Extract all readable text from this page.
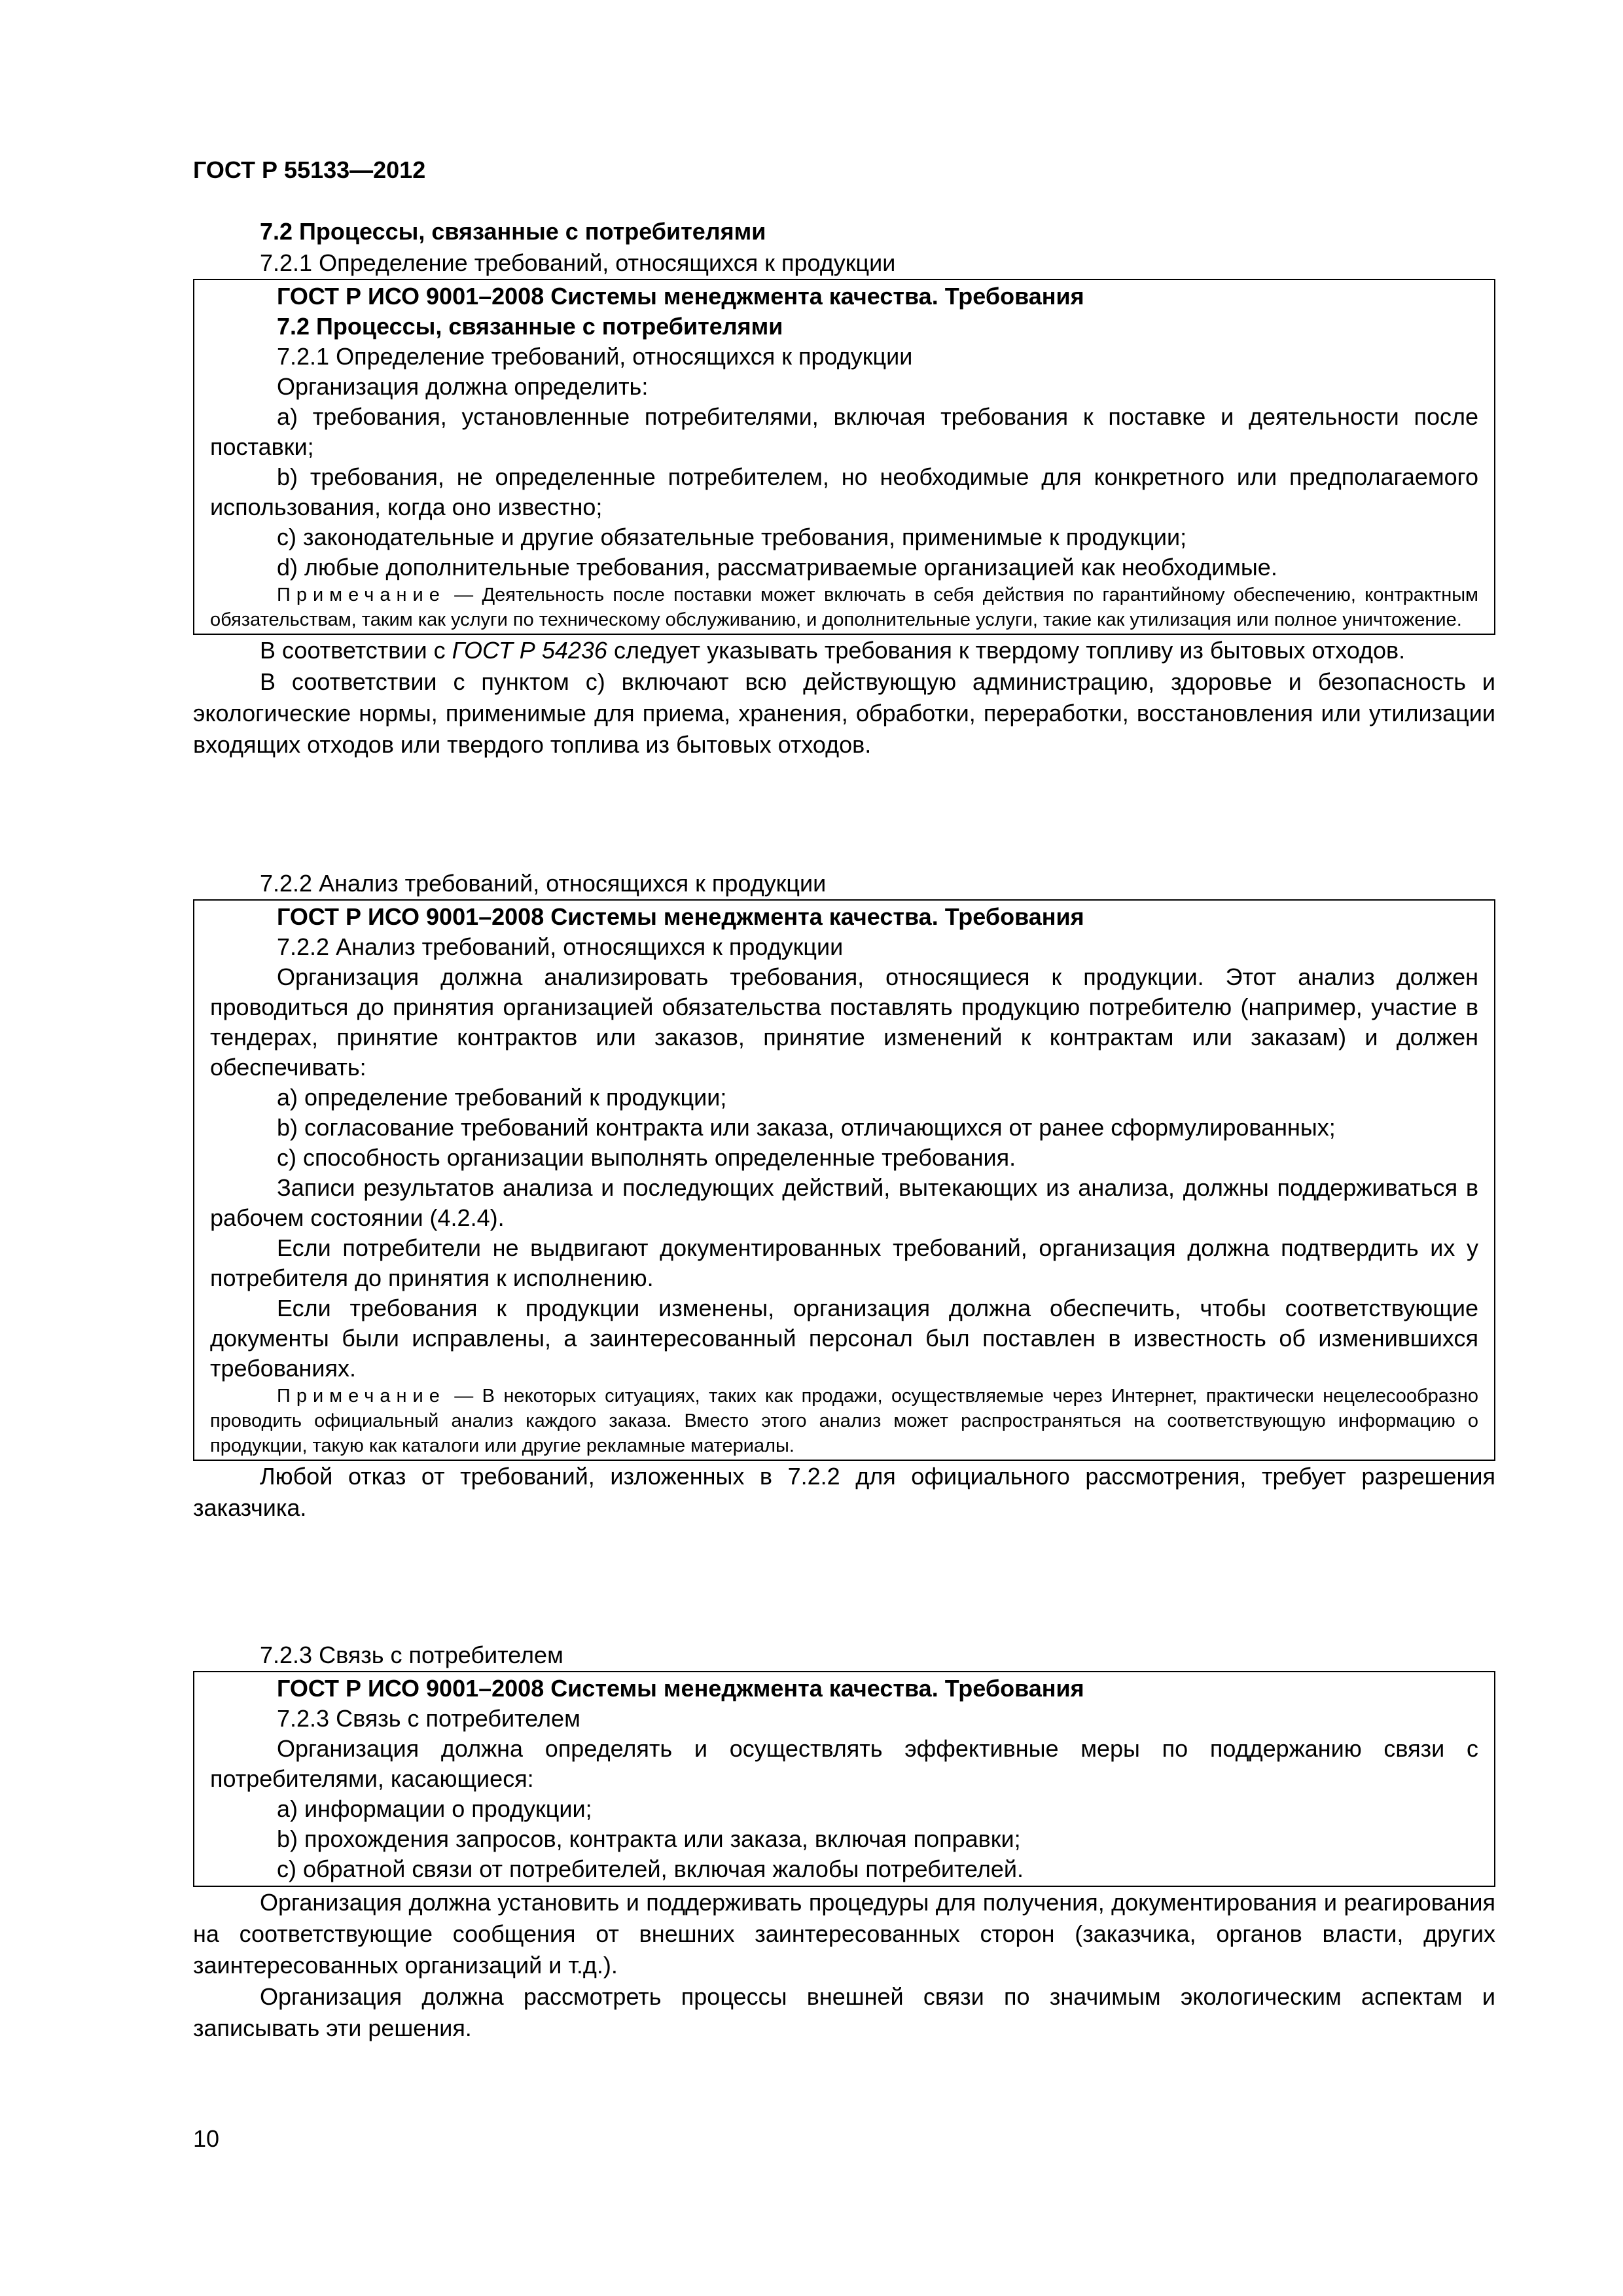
ГОСТ Р 55133—2012

7.2 Процессы, связанные с потребителями

7.2.1 Определение требований, относящихся к продукции

ГОСТ Р ИСО 9001–2008 Системы менеджмента качества. Требования

7.2 Процессы, связанные с потребителями

7.2.1 Определение требований, относящихся к продукции

Организация должна определить:

a) требования, установленные потребителями, включая требования к поставке и деятельности после поставки;

b) требования, не определенные потребителем, но необходимые для конкретного или предполагаемого использования, когда оно известно;

c) законодательные и другие обязательные требования, применимые к продукции;

d) любые дополнительные требования, рассматриваемые организацией как необходимые.

Примечание — Деятельность после поставки может включать в себя действия по гарантийному обеспечению, контрактным обязательствам, таким как услуги по техническому обслуживанию, и дополнительные услуги, такие как утилизация или полное уничтожение.

В соответствии с ГОСТ Р 54236 следует указывать требования к твердому топливу из бытовых отходов.

В соответствии с пунктом c) включают всю действующую администрацию, здоровье и безопасность и экологические нормы, применимые для приема, хранения, обработки, переработки, восстановления или утилизации входящих отходов или твердого топлива из бытовых отходов.

7.2.2 Анализ требований, относящихся к продукции

ГОСТ Р ИСО 9001–2008 Системы менеджмента качества. Требования

7.2.2 Анализ требований, относящихся к продукции

Организация должна анализировать требования, относящиеся к продукции. Этот анализ должен проводиться до принятия организацией обязательства поставлять продукцию потребителю (например, участие в тендерах, принятие контрактов или заказов, принятие изменений к контрактам или заказам) и должен обеспечивать:

a) определение требований к продукции;

b) согласование требований контракта или заказа, отличающихся от ранее сформулированных;

c) способность организации выполнять определенные требования.

Записи результатов анализа и последующих действий, вытекающих из анализа, должны поддерживаться в рабочем состоянии (4.2.4).

Если потребители не выдвигают документированных требований, организация должна подтвердить их у потребителя до принятия к исполнению.

Если требования к продукции изменены, организация должна обеспечить, чтобы соответствующие документы были исправлены, а заинтересованный персонал был поставлен в известность об изменившихся требованиях.

Примечание — В некоторых ситуациях, таких как продажи, осуществляемые через Интернет, практически нецелесообразно проводить официальный анализ каждого заказа. Вместо этого анализ может распространяться на соответствующую информацию о продукции, такую как каталоги или другие рекламные материалы.

Любой отказ от требований, изложенных в 7.2.2 для официального рассмотрения, требует разрешения заказчика.

7.2.3 Связь с потребителем

ГОСТ Р ИСО 9001–2008 Системы менеджмента качества. Требования

7.2.3 Связь с потребителем

Организация должна определять и осуществлять эффективные меры по поддержанию связи с потребителями, касающиеся:

a) информации о продукции;

b) прохождения запросов, контракта или заказа, включая поправки;

c) обратной связи от потребителей, включая жалобы потребителей.

Организация должна установить и поддерживать процедуры для получения, документирования и реагирования на соответствующие сообщения от внешних заинтересованных сторон (заказчика, органов власти, других заинтересованных организаций и т.д.).

Организация должна рассмотреть процессы внешней связи по значимым экологическим аспектам и записывать эти решения.

10
